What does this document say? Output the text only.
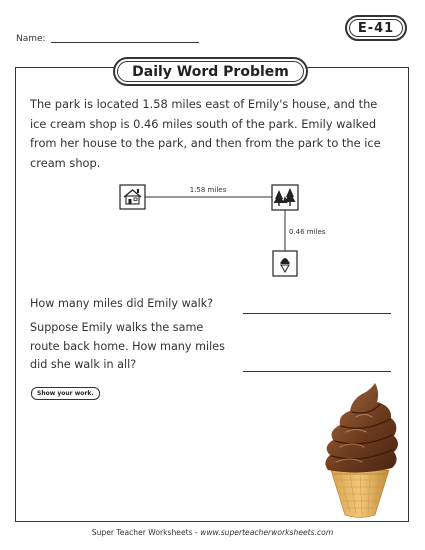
Name:
E-41
Daily Word Problem
The park is located 1.58 miles east of Emily's house, and the ice cream shop is 0.46 miles south of the park. Emily walked from her house to the park, and then from the park to the ice cream shop.
1.58 miles
0.46 miles
How many miles did Emily walk?
Suppose Emily walks the same route back home. How many miles did she walk in all?
Show your work.
Super Teacher Worksheets - www.superteacherworksheets.com
